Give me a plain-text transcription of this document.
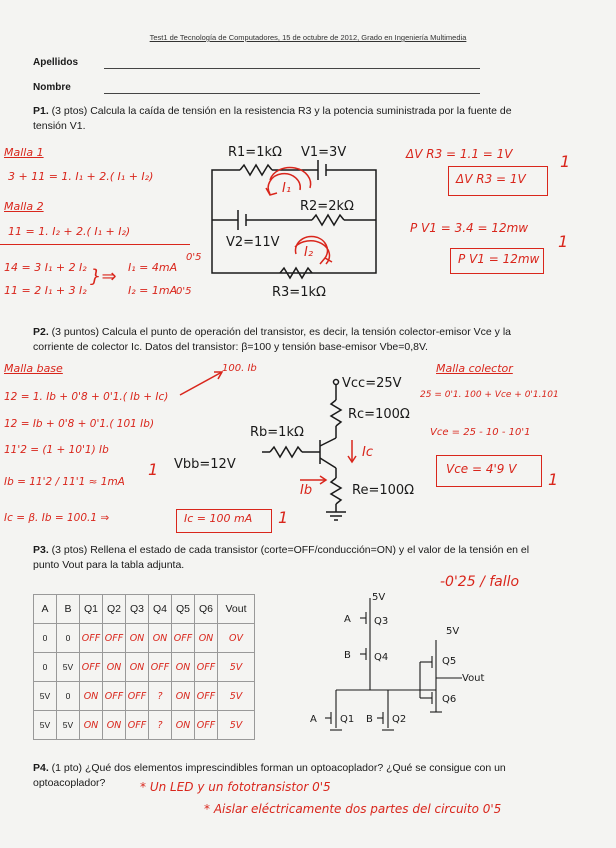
Test1 de Tecnología de Computadores, 15 de octubre de 2012, Grado en Ingeniería Multimedia
Apellidos
Nombre
P1. (3 ptos) Calcula la caída de tensión en la resistencia R3 y la potencia suministrada por la fuente de tensión V1.
Malla 1
3 + 11 = 1. I₁ + 2.( I₁ + I₂)
Malla 2
11 = 1. I₂ + 2.( I₁ + I₂)
14 = 3 I₁ + 2 I₂
11 = 2 I₁ + 3 I₂
}⇒ I₁ = 4mA
I₂ = 1mA
0'5
0'5
ΔV R3 = 1.1 = 1V
ΔV R3 = 1V
1
P V1 = 3.4 = 12mw
P V1 = 12mw
1
P2. (3 puntos) Calcula el punto de operación del transistor, es decir, la tensión colector-emisor Vce y la corriente de colector Ic. Datos del transistor: β=100 y tensión base-emisor Vbe=0,8V.
Malla base	100. Ib
12 = 1. Ib + 0'8 + 0'1.( Ib + Ic)
12 = Ib + 0'8 + 0'1.( 101 Ib)
11'2 = (1 + 10'1) Ib
Ib = 11'2 / 11'1 ≈ 1mA
1
Ic = β. Ib = 100.1 ⇒	Ic = 100 mA 1
Malla colector
25 = 0'1. 100 + Vce + 0'1.101
Vce = 25 - 10 - 10'1
Vce = 4'9 V
1
P3. (3 ptos) Rellena el estado de cada transistor (corte=OFF/conducción=ON) y el valor de la tensión en el punto Vout para la tabla adjunta.
-0'25 / fallo
A	B	Q1	Q2	Q3	Q4	Q5	Q6	Vout
0	0	OFF	OFF	ON	ON	OFF	ON	OV
0	5V	OFF	ON	ON	OFF	ON	OFF	5V
5V	0	ON	OFF	OFF	?	ON	OFF	5V
5V	5V	ON	ON	OFF	?	ON	OFF	5V
P4. (1 pto) ¿Qué dos elementos imprescindibles forman un optoacoplador? ¿Qué se consigue con un optoacoplador?	* Un LED y un fototransistor 0'5
* Aislar eléctricamente dos partes del circuito 0'5
R1=1kΩ V1=3V
R2=2kΩ
V2=11V
R3=1kΩ
I₁
I₂
Vcc=25V
Rc=100Ω
Rb=1kΩ
Vbb=12V
Re=100Ω
Ic
Ib
5V
5V
A
B
Q3
Q4
A Q1 B Q2
Q5
Q6
Vout
